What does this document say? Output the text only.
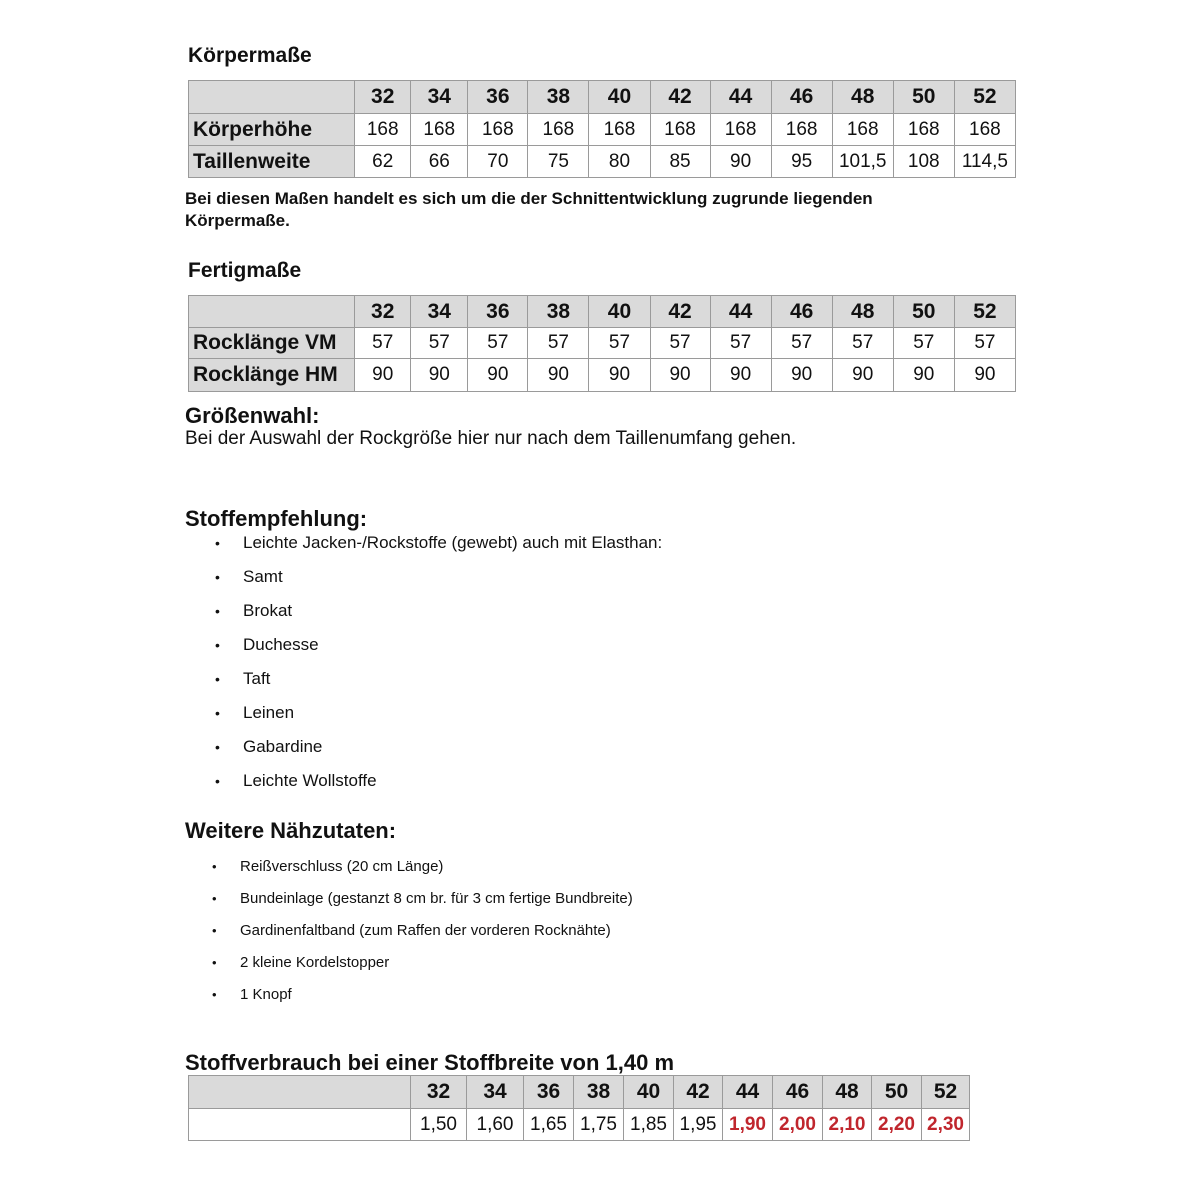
Körpermaße
	32	34	36	38	40	42	44	46	48	50	52
Körperhöhe	168	168	168	168	168	168	168	168	168	168	168
Taillenweite	62	66	70	75	80	85	90	95	101,5	108	114,5
Bei diesen Maßen handelt es sich um die der Schnittentwicklung zugrunde liegenden
Körpermaße.
Fertigmaße
	32	34	36	38	40	42	44	46	48	50	52
Rocklänge VM	57	57	57	57	57	57	57	57	57	57	57
Rocklänge HM	90	90	90	90	90	90	90	90	90	90	90
Größenwahl:
Bei der Auswahl der Rockgröße hier nur nach dem Taillenumfang gehen.
Stoffempfehlung:
• Leichte Jacken-/Rockstoffe (gewebt) auch mit Elasthan:
• Samt
• Brokat
• Duchesse
• Taft
• Leinen
• Gabardine
• Leichte Wollstoffe
Weitere Nähzutaten:
• Reißverschluss (20 cm Länge)
• Bundeinlage (gestanzt 8 cm br. für 3 cm fertige Bundbreite)
• Gardinenfaltband (zum Raffen der vorderen Rocknähte)
• 2 kleine Kordelstopper
• 1 Knopf
Stoffverbrauch bei einer Stoffbreite von 1,40 m
	32	34	36	38	40	42	44	46	48	50	52
	1,50	1,60	1,65	1,75	1,85	1,95	1,90	2,00	2,10	2,20	2,30
